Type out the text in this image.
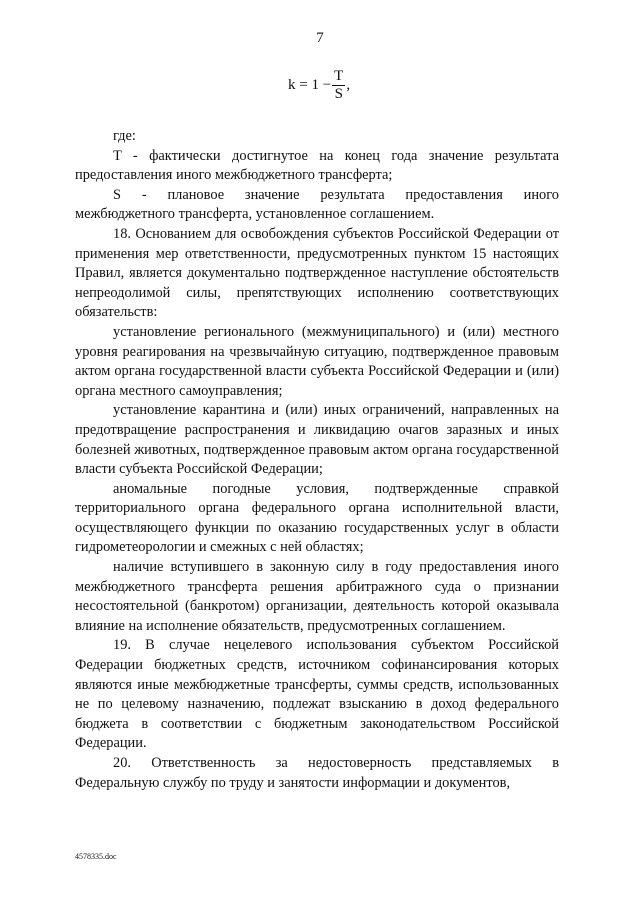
7
$k = 1 - \frac{T}{S}$ ,

где:

T - фактически достигнутое на конец года значение результата предоставления иного межбюджетного трансферта;

S - плановое значение результата предоставления иного межбюджетного трансферта, установленное соглашением.

18. Основанием для освобождения субъектов Российской Федерации от применения мер ответственности, предусмотренных пунктом 15 настоящих Правил, является документально подтвержденное наступление обстоятельств непреодолимой силы, препятствующих исполнению соответствующих обязательств:

установление регионального (межмуниципального) и (или) местного уровня реагирования на чрезвычайную ситуацию, подтвержденное правовым актом органа государственной власти субъекта Российской Федерации и (или) органа местного самоуправления;

установление карантина и (или) иных ограничений, направленных на предотвращение распространения и ликвидацию очагов заразных и иных болезней животных, подтвержденное правовым актом органа государственной власти субъекта Российской Федерации;

аномальные погодные условия, подтвержденные справкой территориального органа федерального органа исполнительной власти, осуществляющего функции по оказанию государственных услуг в области гидрометеорологии и смежных с ней областях;

наличие вступившего в законную силу в году предоставления иного межбюджетного трансферта решения арбитражного суда о признании несостоятельной (банкротом) организации, деятельность которой оказывала влияние на исполнение обязательств, предусмотренных соглашением.

19. В случае нецелевого использования субъектом Российской Федерации бюджетных средств, источником софинансирования которых являются иные межбюджетные трансферты, суммы средств, использованных не по целевому назначению, подлежат взысканию в доход федерального бюджета в соответствии с бюджетным законодательством Российской Федерации.

20. Ответственность за недостоверность представляемых в Федеральную службу по труду и занятости информации и документов,

4578335.doc
